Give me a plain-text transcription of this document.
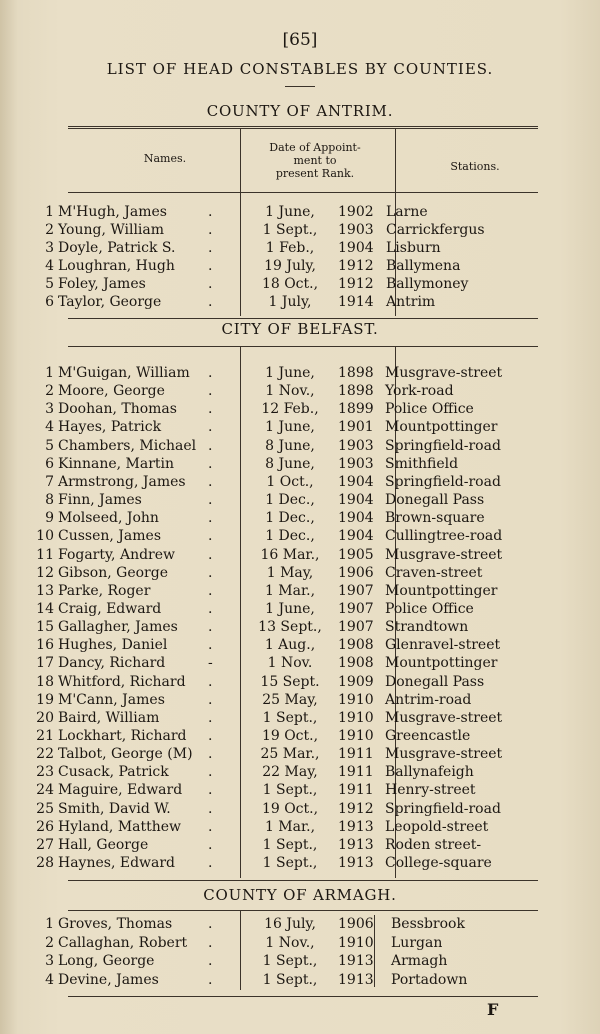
[65]
LIST OF HEAD CONSTABLES BY COUNTIES.
COUNTY OF ANTRIM.
Names.
Date of Appoint-
ment to
present Rank.
Stations.
1 M'Hugh, James	.	1 June,	1902 Larne
2 Young, William	.	1 Sept.,	1903 Carrickfergus
3 Doyle, Patrick S. .	1 Feb.,	1904 Lisburn
4 Loughran, Hugh .	19 July,	1912 Ballymena
5 Foley, James	.	18 Oct.,	1912 Ballymoney
6 Taylor, George	.	1 July,	1914 Antrim
CITY OF BELFAST.
1 M'Guigan, William .	1 June,	1898 Musgrave-street
2 Moore, George	.	1 Nov.,	1898 York-road
3 Doohan, Thomas .	12 Feb.,	1899 Police Office
4 Hayes, Patrick	.	1 June,	1901 Mountpottinger
5 Chambers, Michael .	8 June,	1903 Springfield-road
6 Kinnane, Martin .	8 June,	1903 Smithfield
7 Armstrong, James .	1 Oct.,	1904 Springfield-road
8 Finn, James	.	1 Dec.,	1904 Donegall Pass
9 Molseed, John	.	1 Dec.,	1904 Brown-square
10 Cussen, James	.	1 Dec.,	1904 Cullingtree-road
11 Fogarty, Andrew .	16 Mar.,	1905 Musgrave-street
12 Gibson, George	.	1 May,	1906 Craven-street
13 Parke, Roger	.	1 Mar.,	1907 Mountpottinger
14 Craig, Edward	.	1 June,	1907 Police Office
15 Gallagher, James .	13 Sept.,	1907 Strandtown
16 Hughes, Daniel	.	1 Aug.,	1908 Glenravel-street
17 Dancy, Richard	-	1 Nov.	1908 Mountpottinger
18 Whitford, Richard .	15 Sept.	1909 Donegall Pass
19 M'Cann, James	.	25 May,	1910 Antrim-road
20 Baird, William	.	1 Sept.,	1910 Musgrave-street
21 Lockhart, Richard .	19 Oct.,	1910 Greencastle
22 Talbot, George (M) .	25 Mar.,	1911 Musgrave-street
23 Cusack, Patrick	.	22 May,	1911 Ballynafeigh
24 Maguire, Edward .	1 Sept.,	1911 Henry-street
25 Smith, David W.	.	19 Oct.,	1912 Springfield-road
26 Hyland, Matthew .	1 Mar.,	1913 Leopold-street
27 Hall, George	.	1 Sept.,	1913 Roden street-
28 Haynes, Edward .	1 Sept.,	1913 College-square
COUNTY OF ARMAGH.
1 Groves, Thomas	.	16 July,	1906 Bessbrook
2 Callaghan, Robert .	1 Nov.,	1910 Lurgan
3 Long, George	.	1 Sept.,	1913 Armagh
4 Devine, James	.	1 Sept.,	1913 Portadown
F
